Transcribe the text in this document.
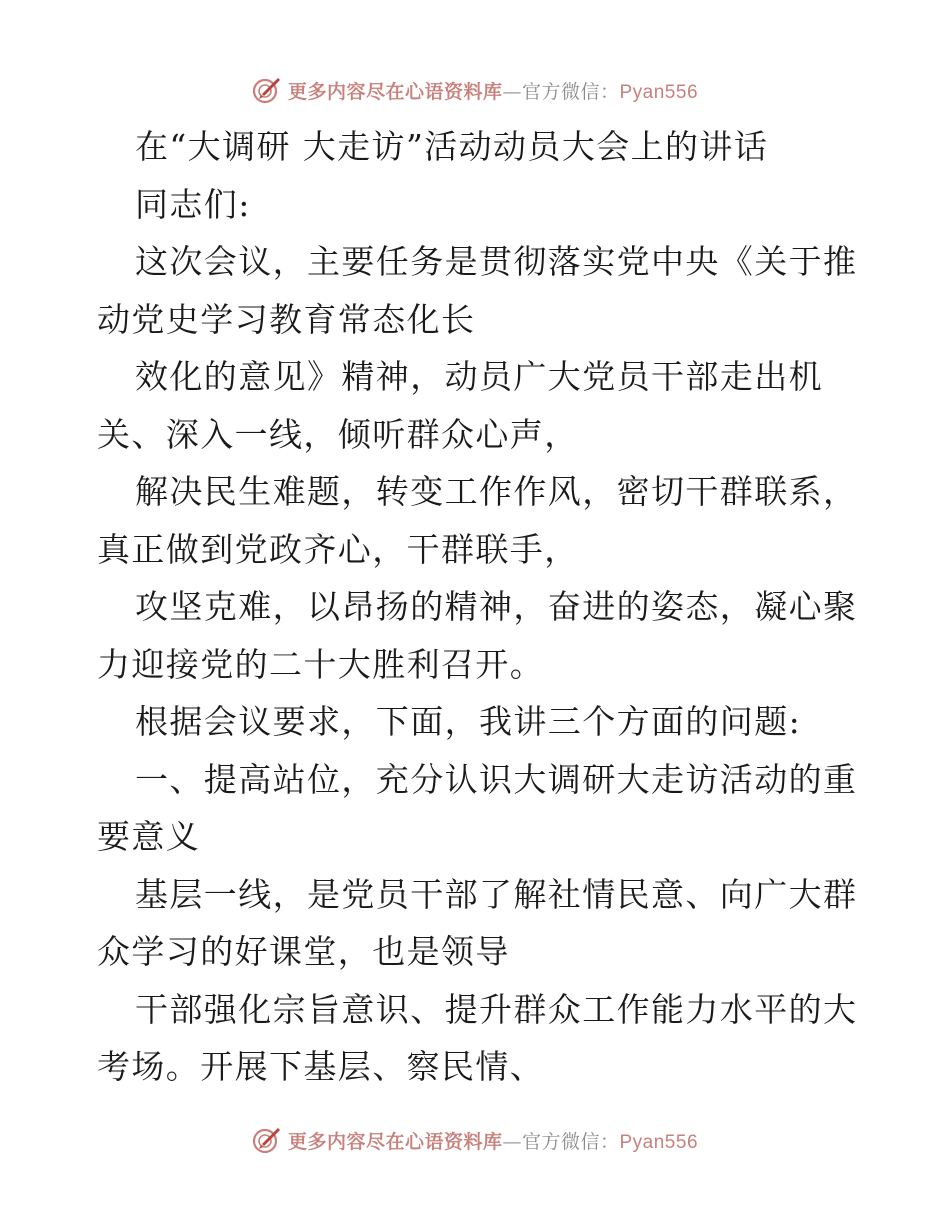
更多内容尽在心语资料库—官方微信：Pyan556
在“大调研 大走访”活动动员大会上的讲话
同志们:
这次会议，主要任务是贯彻落实党中央《关于推
动党史学习教育常态化长
效化的意见》精神，动员广大党员干部走出机
关、深入一线，倾听群众心声，
解决民生难题，转变工作作风，密切干群联系，
真正做到党政齐心，干群联手，
攻坚克难，以昂扬的精神，奋进的姿态，凝心聚
力迎接党的二十大胜利召开。
根据会议要求，下面，我讲三个方面的问题:
一、提高站位，充分认识大调研大走访活动的重
要意义
基层一线，是党员干部了解社情民意、向广大群
众学习的好课堂，也是领导
干部强化宗旨意识、提升群众工作能力水平的大
考场。开展下基层、察民情、
更多内容尽在心语资料库—官方微信：Pyan556
